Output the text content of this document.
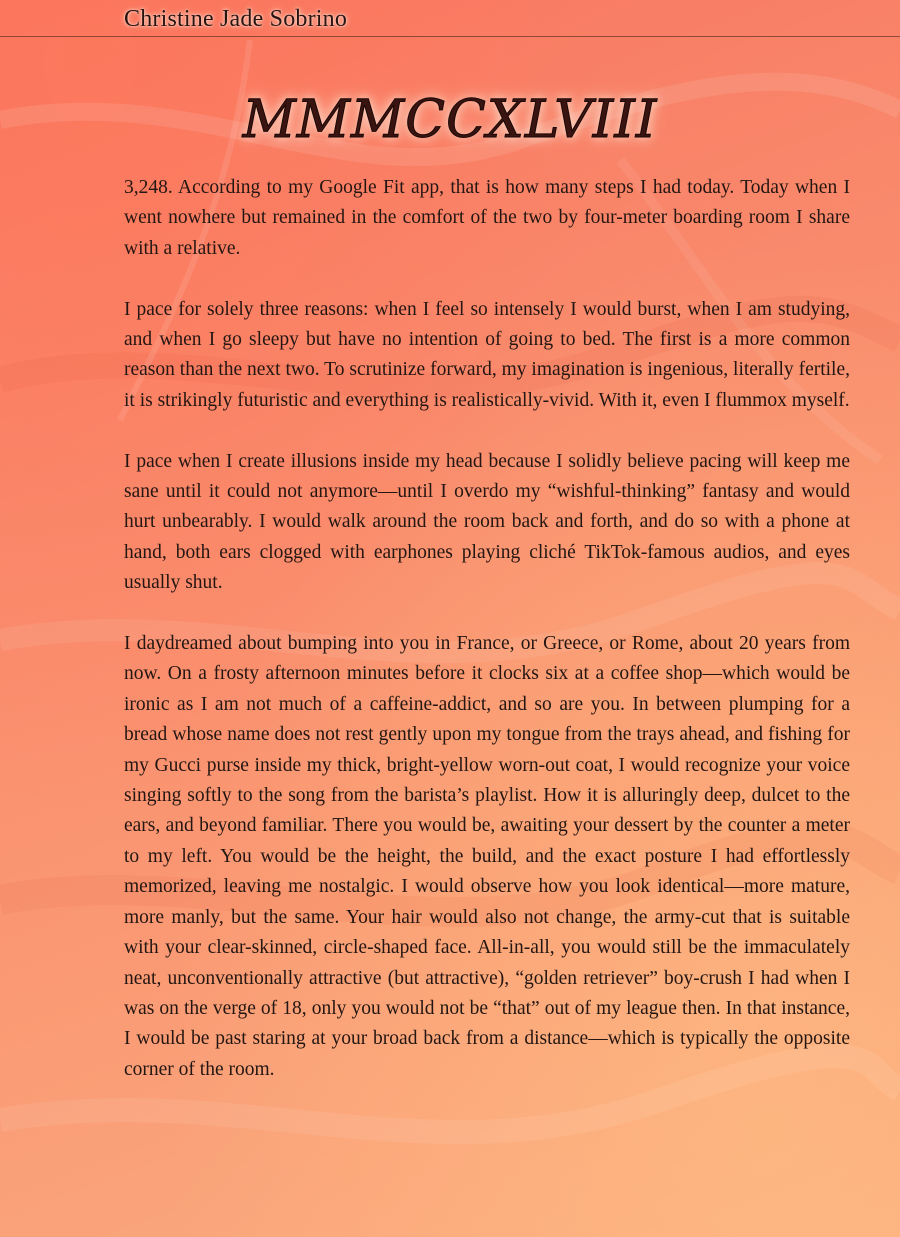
Christine Jade Sobrino
MMMCCXLVIII

3,248. According to my Google Fit app, that is how many steps I had today. Today when I went nowhere but remained in the comfort of the two by four-meter boarding room I share with a relative.

I pace for solely three reasons: when I feel so intensely I would burst, when I am studying, and when I go sleepy but have no intention of going to bed. The first is a more common reason than the next two. To scrutinize forward, my imagination is ingenious, literally fertile, it is strikingly futuristic and everything is realistically-vivid. With it, even I flummox myself.

I pace when I create illusions inside my head because I solidly believe pacing will keep me sane until it could not anymore—until I overdo my “wishful-thinking” fantasy and would hurt unbearably. I would walk around the room back and forth, and do so with a phone at hand, both ears clogged with earphones playing cliché TikTok-famous audios, and eyes usually shut.

I daydreamed about bumping into you in France, or Greece, or Rome, about 20 years from now. On a frosty afternoon minutes before it clocks six at a coffee shop—which would be ironic as I am not much of a caffeine-addict, and so are you. In between plumping for a bread whose name does not rest gently upon my tongue from the trays ahead, and fishing for my Gucci purse inside my thick, bright-yellow worn-out coat, I would recognize your voice singing softly to the song from the barista’s playlist. How it is alluringly deep, dulcet to the ears, and beyond familiar. There you would be, awaiting your dessert by the counter a meter to my left. You would be the height, the build, and the exact posture I had effortlessly memorized, leaving me nostalgic. I would observe how you look identical—more mature, more manly, but the same. Your hair would also not change, the army-cut that is suitable with your clear-skinned, circle-shaped face. All-in-all, you would still be the immaculately neat, unconventionally attractive (but attractive), “golden retriever” boy-crush I had when I was on the verge of 18, only you would not be “that” out of my league then. In that instance, I would be past staring at your broad back from a distance—which is typically the opposite corner of the room.
